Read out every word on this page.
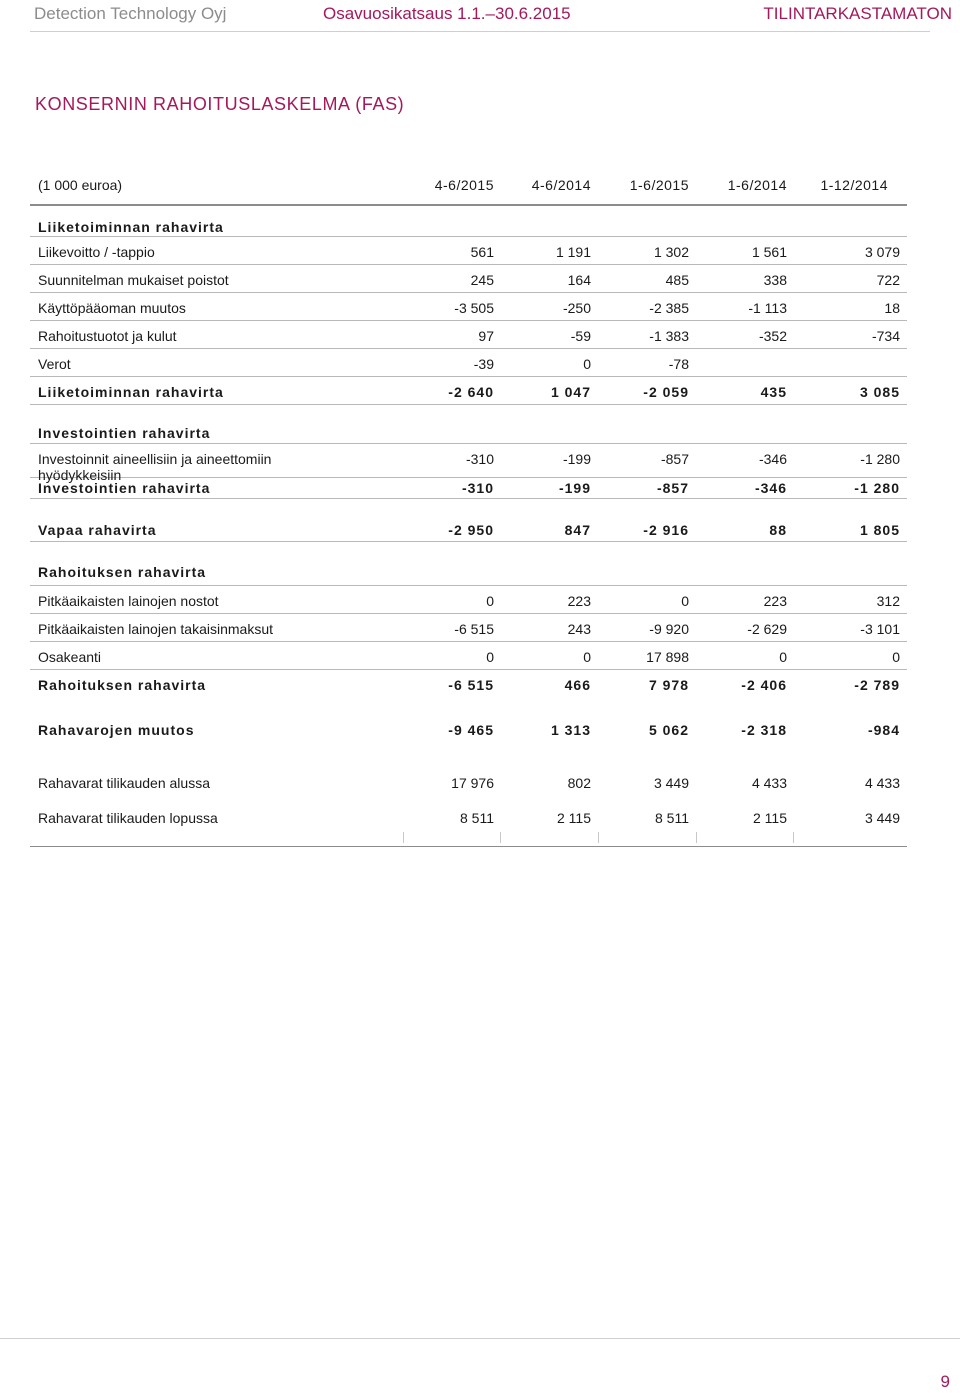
Detection Technology Oyj	Osavuosikatsaus 1.1.–30.6.2015	TILINTARKASTAMATON
KONSERNIN RAHOITUSLASKELMA (FAS)
(1 000 euroa)	4-6/2015	4-6/2014	1-6/2015	1-6/2014 1-12/2014
Liiketoiminnan rahavirta
Liikevoitto / -tappio	561	1 191	1 302	1 561	3 079
Suunnitelman mukaiset poistot	245	164	485	338	722
Käyttöpääoman muutos	-3 505	-250	-2 385	-1 113	18
Rahoitustuotot ja kulut	97	-59	-1 383	-352	-734
Verot	-39	0	-78
Liiketoiminnan rahavirta	-2 640	1 047	-2 059	435	3 085
Investointien rahavirta
Investoinnit aineellisiin ja aineettomiin hyödykkeisiin
-310	-199	-857	-346	-1 280
Investointien rahavirta	-310	-199	-857	-346	-1 280
Vapaa rahavirta	-2 950	847	-2 916	88	1 805
Rahoituksen rahavirta
Pitkäaikaisten lainojen nostot	0	223	0	223	312
Pitkäaikaisten lainojen takaisinmaksut	-6 515	243	-9 920	-2 629	-3 101
Osakeanti	0	0	17 898	0	0
Rahoituksen rahavirta	-6 515	466	7 978	-2 406	-2 789
Rahavarojen muutos	-9 465	1 313	5 062	-2 318	-984
Rahavarat tilikauden alussa	17 976	802	3 449	4 433	4 433
Rahavarat tilikauden lopussa	8 511	2 115	8 511	2 115	3 449
9
